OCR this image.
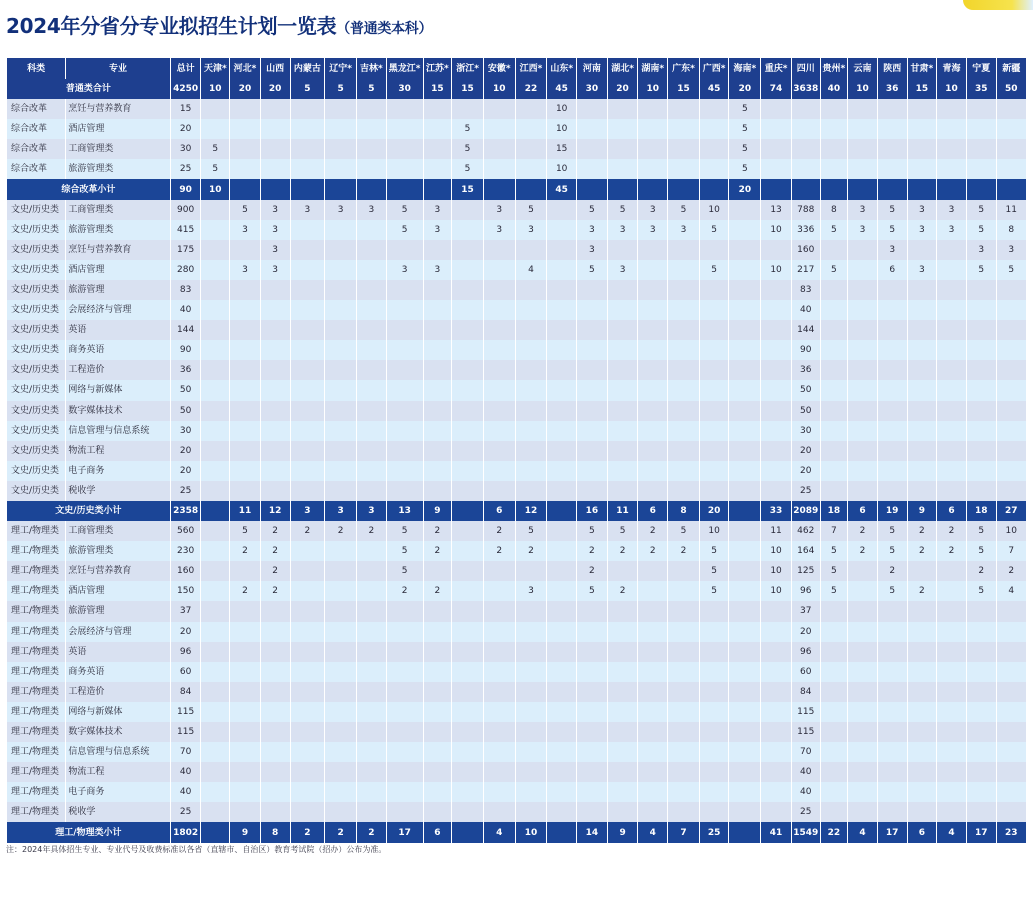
2024年分省分专业拟招生计划一览表（普通类本科）
科类	专业	总计	天津*	河北*	山西	内蒙古	辽宁*	吉林*	黑龙江*	江苏*	浙江*	安徽*	江西*	山东*	河南	湖北*	湖南*	广东*	广西*	海南*	重庆*	四川	贵州*	云南	陕西	甘肃*	青海	宁夏	新疆
普通类合计		4250	10	20	20	5	5	5	30	15	15	10	22	45	30	20	10	15	45	20	74	3638	40	10	36	15	10	35	50
综合改革	烹饪与营养教育	15												10						5									
综合改革	酒店管理	20									5			10						5									
综合改革	工商管理类	30	5								5			15						5									
综合改革	旅游管理类	25	5								5			10						5									
综合改革小计		90	10								15			45						20									
文史/历史类	工商管理类	900		5	3	3	3	3	5	3		3	5		5	5	3	5	10		13	788	8	3	5	3	3	5	11
文史/历史类	旅游管理类	415		3	3				5	3		3	3		3	3	3	3	5		10	336	5	3	5	3	3	5	8
文史/历史类	烹饪与营养教育	175			3										3							160			3			3	3
文史/历史类	酒店管理	280		3	3				3	3			4		5	3			5		10	217	5		6	3		5	5
文史/历史类	旅游管理	83																				83							
文史/历史类	会展经济与管理	40																				40							
文史/历史类	英语	144																				144							
文史/历史类	商务英语	90																				90							
文史/历史类	工程造价	36																				36							
文史/历史类	网络与新媒体	50																				50							
文史/历史类	数字媒体技术	50																				50							
文史/历史类	信息管理与信息系统	30																				30							
文史/历史类	物流工程	20																				20							
文史/历史类	电子商务	20																				20							
文史/历史类	税收学	25																				25							
文史/历史类小计		2358		11	12	3	3	3	13	9		6	12		16	11	6	8	20		33	2089	18	6	19	9	6	18	27
理工/物理类	工商管理类	560		5	2	2	2	2	5	2		2	5		5	5	2	5	10		11	462	7	2	5	2	2	5	10
理工/物理类	旅游管理类	230		2	2				5	2		2	2		2	2	2	2	5		10	164	5	2	5	2	2	5	7
理工/物理类	烹饪与营养教育	160			2				5						2				5		10	125	5		2			2	2
理工/物理类	酒店管理	150		2	2				2	2			3		5	2			5		10	96	5		5	2		5	4
理工/物理类	旅游管理	37																				37							
理工/物理类	会展经济与管理	20																				20							
理工/物理类	英语	96																				96							
理工/物理类	商务英语	60																				60							
理工/物理类	工程造价	84																				84							
理工/物理类	网络与新媒体	115																				115							
理工/物理类	数字媒体技术	115																				115							
理工/物理类	信息管理与信息系统	70																				70							
理工/物理类	物流工程	40																				40							
理工/物理类	电子商务	40																				40							
理工/物理类	税收学	25																				25							
理工/物理类小计		1802		9	8	2	2	2	17	6		4	10		14	9	4	7	25		41	1549	22	4	17	6	4	17	23

注：2024年具体招生专业、专业代号及收费标准以各省（直辖市、自治区）教育考试院（招办）公布为准。
